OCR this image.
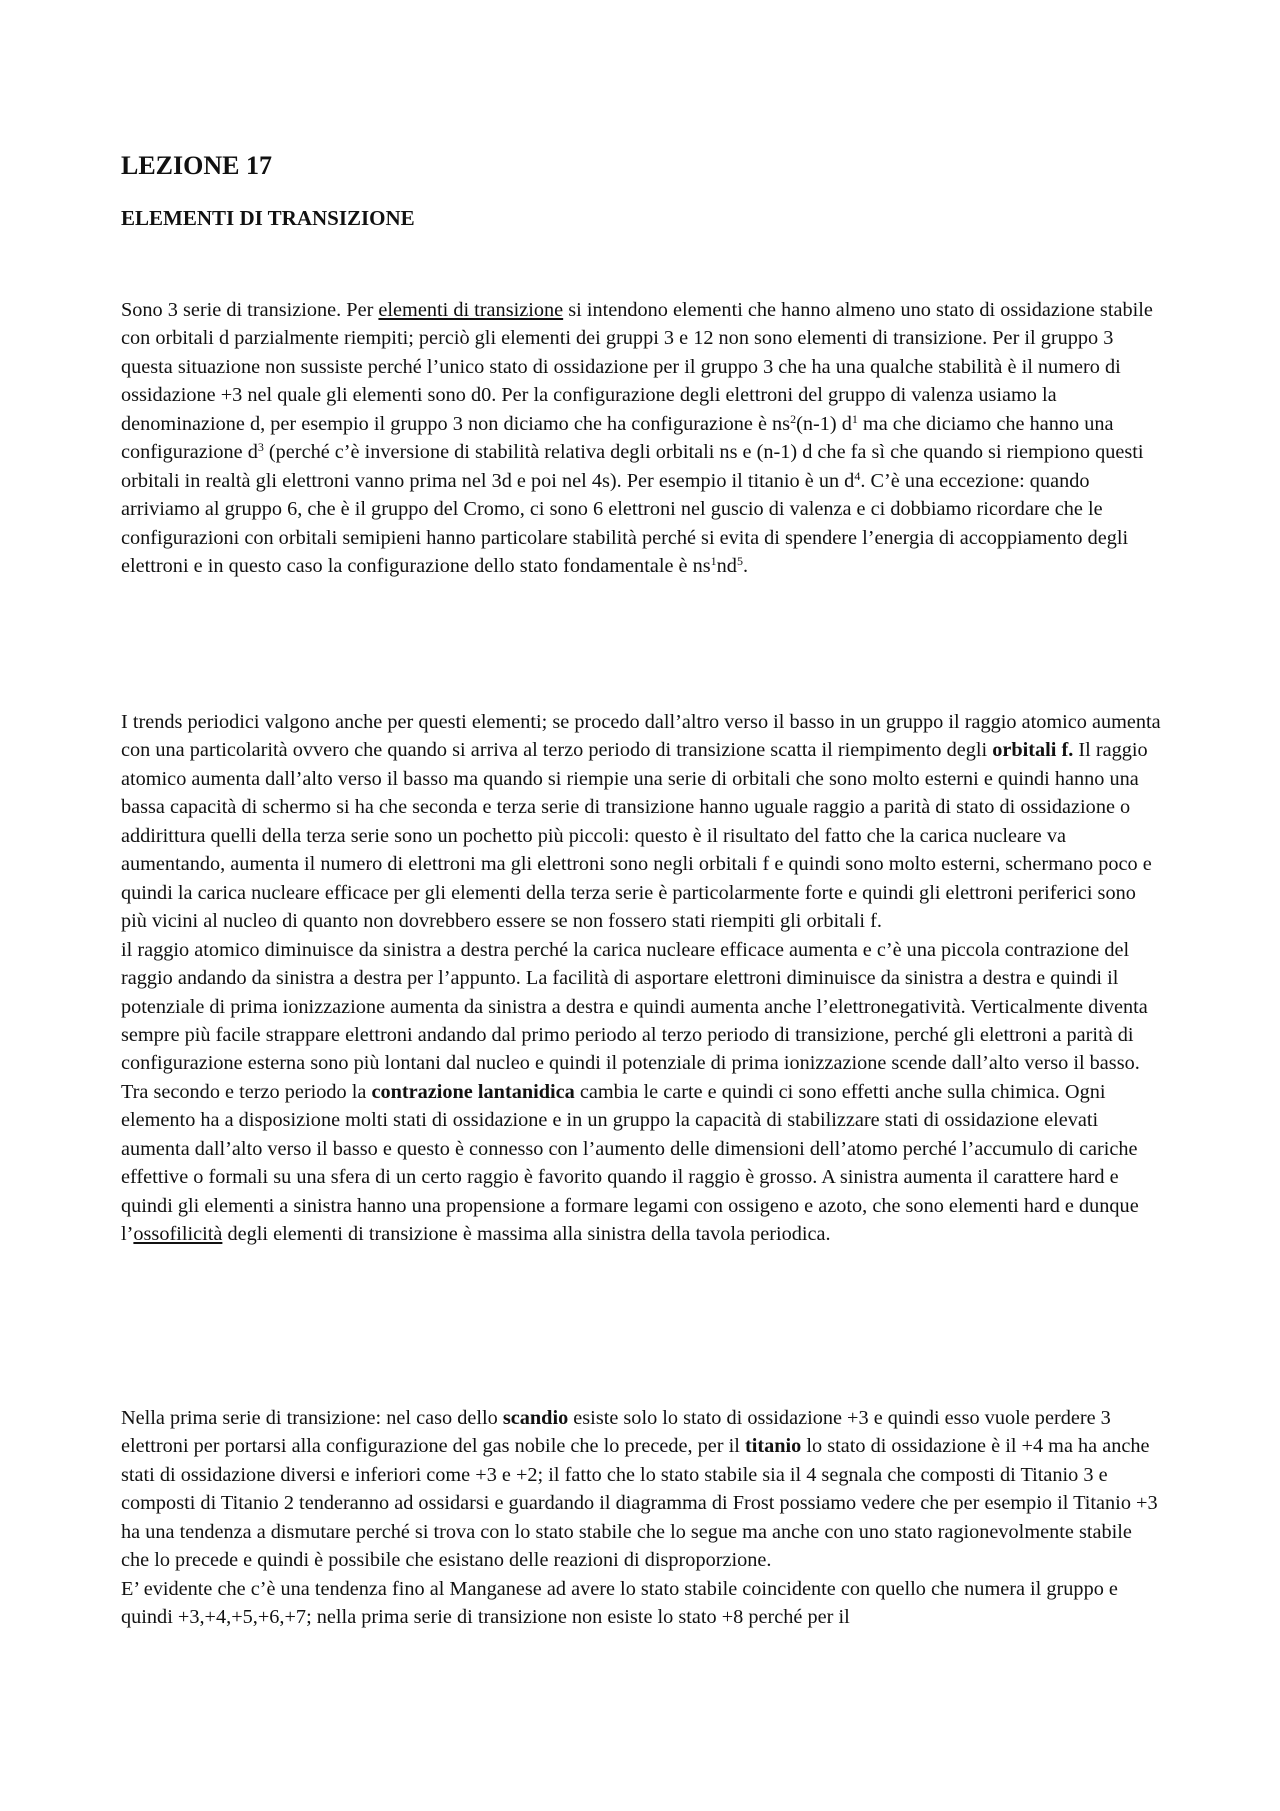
LEZIONE 17
ELEMENTI DI TRANSIZIONE

Sono 3 serie di transizione. Per elementi di transizione si intendono elementi che hanno almeno uno stato di ossidazione stabile con orbitali d parzialmente riempiti; perciò gli elementi dei gruppi 3 e 12 non sono elementi di transizione. Per il gruppo 3 questa situazione non sussiste perché l’unico stato di ossidazione per il gruppo 3 che ha una qualche stabilità è il numero di ossidazione +3 nel quale gli elementi sono d0. Per la configurazione degli elettroni del gruppo di valenza usiamo la denominazione d, per esempio il gruppo 3 non diciamo che ha configurazione è $ns^2(n-1)$ $d^1$ ma che diciamo che hanno una configurazione $d^3$ (perché c’è inversione di stabilità relativa degli orbitali ns e (n-1) d che fa sì che quando si riempiono questi orbitali in realtà gli elettroni vanno prima nel 3d e poi nel 4s). Per esempio il titanio è un $d^4$. C’è una eccezione: quando arriviamo al gruppo 6, che è il gruppo del Cromo, ci sono 6 elettroni nel guscio di valenza e ci dobbiamo ricordare che le configurazioni con orbitali semipieni hanno particolare stabilità perché si evita di spendere l’energia di accoppiamento degli elettroni e in questo caso la configurazione dello stato fondamentale è $ns^1nd^5$.

I trends periodici valgono anche per questi elementi; se procedo dall’altro verso il basso in un gruppo il raggio atomico aumenta con una particolarità ovvero che quando si arriva al terzo periodo di transizione scatta il riempimento degli orbitali f. Il raggio atomico aumenta dall’alto verso il basso ma quando si riempie una serie di orbitali che sono molto esterni e quindi hanno una bassa capacità di schermo si ha che seconda e terza serie di transizione hanno uguale raggio a parità di stato di ossidazione o addirittura quelli della terza serie sono un pochetto più piccoli: questo è il risultato del fatto che la carica nucleare va aumentando, aumenta il numero di elettroni ma gli elettroni sono negli orbitali f e quindi sono molto esterni, schermano poco e quindi la carica nucleare efficace per gli elementi della terza serie è particolarmente forte e quindi gli elettroni periferici sono più vicini al nucleo di quanto non dovrebbero essere se non fossero stati riempiti gli orbitali f.
il raggio atomico diminuisce da sinistra a destra perché la carica nucleare efficace aumenta e c’è una piccola contrazione del raggio andando da sinistra a destra per l’appunto. La facilità di asportare elettroni diminuisce da sinistra a destra e quindi il potenziale di prima ionizzazione aumenta da sinistra a destra e quindi aumenta anche l’elettronegatività. Verticalmente diventa sempre più facile strappare elettroni andando dal primo periodo al terzo periodo di transizione, perché gli elettroni a parità di configurazione esterna sono più lontani dal nucleo e quindi il potenziale di prima ionizzazione scende dall’alto verso il basso. Tra secondo e terzo periodo la contrazione lantanidica cambia le carte e quindi ci sono effetti anche sulla chimica. Ogni elemento ha a disposizione molti stati di ossidazione e in un gruppo la capacità di stabilizzare stati di ossidazione elevati aumenta dall’alto verso il basso e questo è connesso con l’aumento delle dimensioni dell’atomo perché l’accumulo di cariche effettive o formali su una sfera di un certo raggio è favorito quando il raggio è grosso. A sinistra aumenta il carattere hard e quindi gli elementi a sinistra hanno una propensione a formare legami con ossigeno e azoto, che sono elementi hard e dunque l’ossofilicità degli elementi di transizione è massima alla sinistra della tavola periodica.

Nella prima serie di transizione: nel caso dello scandio esiste solo lo stato di ossidazione +3 e quindi esso vuole perdere 3 elettroni per portarsi alla configurazione del gas nobile che lo precede, per il titanio lo stato di ossidazione è il +4 ma ha anche stati di ossidazione diversi e inferiori come +3 e +2; il fatto che lo stato stabile sia il 4 segnala che composti di Titanio 3 e composti di Titanio 2 tenderanno ad ossidarsi e guardando il diagramma di Frost possiamo vedere che per esempio il Titanio +3 ha una tendenza a dismutare perché si trova con lo stato stabile che lo segue ma anche con uno stato ragionevolmente stabile che lo precede e quindi è possibile che esistano delle reazioni di disproporzione.
E’ evidente che c’è una tendenza fino al Manganese ad avere lo stato stabile coincidente con quello che numera il gruppo e quindi +3,+4,+5,+6,+7; nella prima serie di transizione non esiste lo stato +8 perché per il
